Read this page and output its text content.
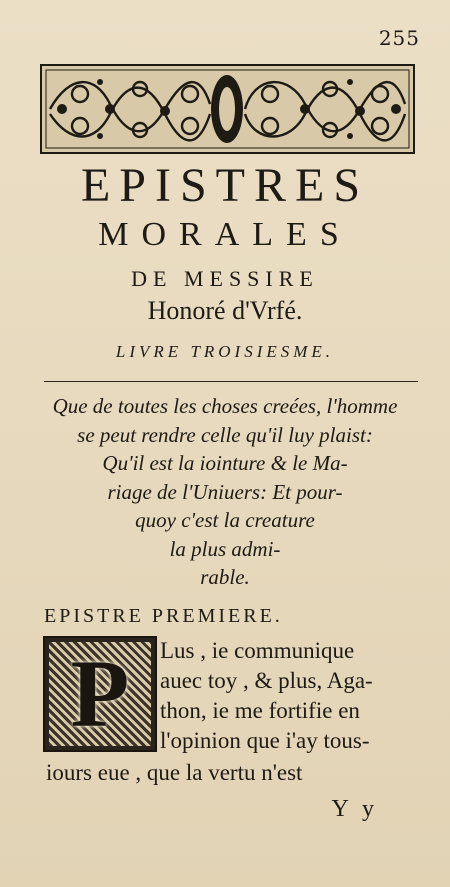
255
EPISTRES
MORALES
DE MESSIRE
Honoré d'Vrfé.
LIVRE TROISIESME.
Que de toutes les choses creées, l'homme
se peut rendre celle qu'il luy plaist:
Qu'il est la iointure & le Ma-
riage de l'Uniuers: Et pour-
quoy c'est la creature
la plus admi-
rable.
EPISTRE PREMIERE.
P	Lus , ie communique
auec toy , & plus, Aga-
thon, ie me fortifie en
l'opinion que i'ay tous-
iours eue , que la vertu n'est
Y y
